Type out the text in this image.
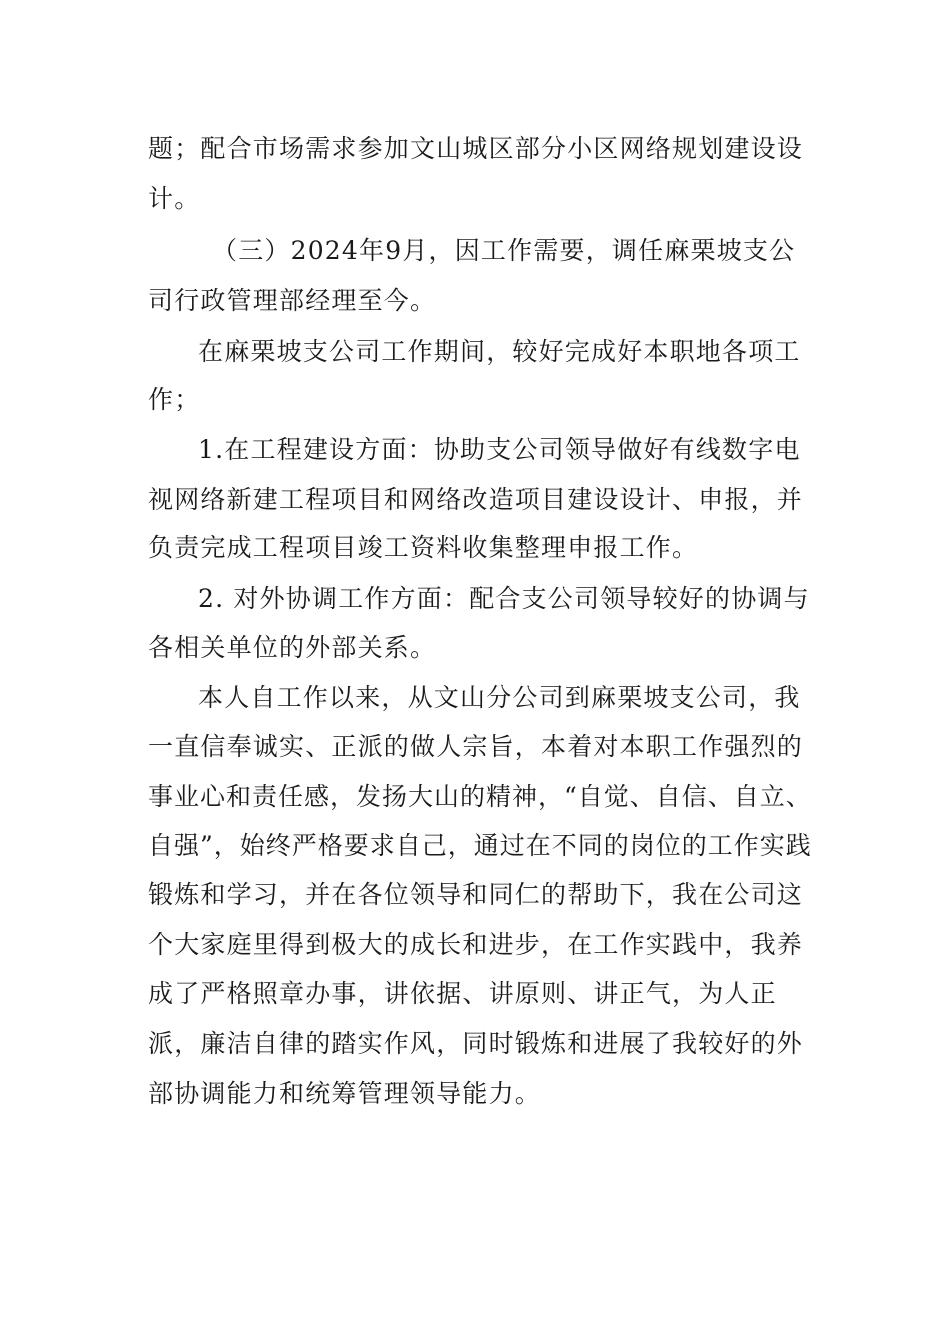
题；配合市场需求参加文山城区部分小区网络规划建设设
计。
（三）2024年9月，因工作需要，调任麻栗坡支公
司行政管理部经理至今。
在麻栗坡支公司工作期间，较好完成好本职地各项工
作；
1.在工程建设方面：协助支公司领导做好有线数字电
视网络新建工程项目和网络改造项目建设设计、申报，并
负责完成工程项目竣工资料收集整理申报工作。
2. 对外协调工作方面：配合支公司领导较好的协调与
各相关单位的外部关系。
本人自工作以来，从文山分公司到麻栗坡支公司，我
一直信奉诚实、正派的做人宗旨，本着对本职工作强烈的
事业心和责任感，发扬大山的精神，“自觉、自信、自立、
自强”，始终严格要求自己，通过在不同的岗位的工作实践
锻炼和学习，并在各位领导和同仁的帮助下，我在公司这
个大家庭里得到极大的成长和进步，在工作实践中，我养
成了严格照章办事，讲依据、讲原则、讲正气，为人正
派，廉洁自律的踏实作风，同时锻炼和进展了我较好的外
部协调能力和统筹管理领导能力。
